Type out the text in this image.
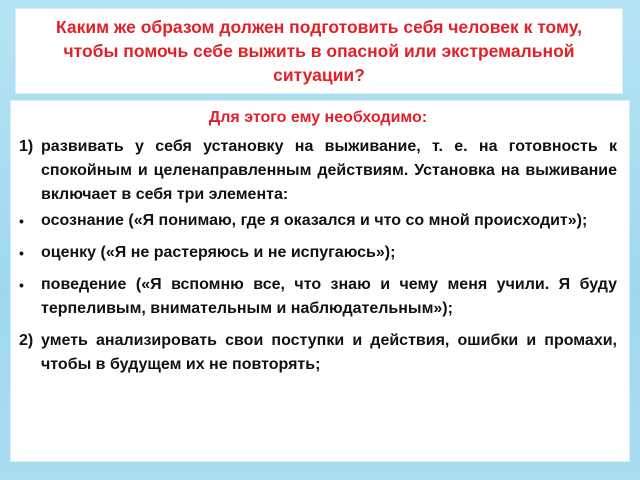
Каким же образом должен подготовить себя человек к тому, чтобы помочь себе выжить в опасной или экстремальной ситуации?
Для этого ему необходимо:
1) развивать у себя установку на выживание, т. е. на готовность к спокойным и целенаправленным действиям. Установка на выживание включает в себя три элемента:
•	осознание («Я понимаю, где я оказался и что со мной происходит»);
•	оценку («Я не растеряюсь и не испугаюсь»);
•	поведение («Я вспомню все, что знаю и чему меня учили. Я буду терпеливым, внимательным и наблюдательным»);
2) уметь анализировать свои поступки и действия, ошибки и промахи, чтобы в будущем их не повторять;
